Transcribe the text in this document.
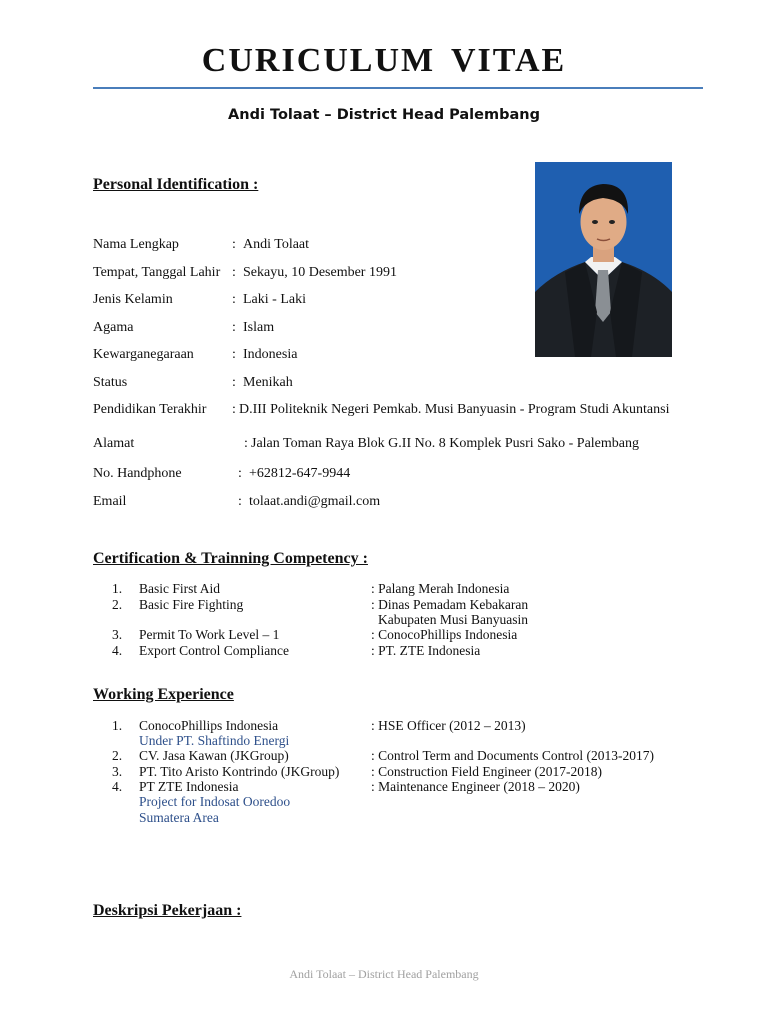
CURICULUM VITAE

Andi Tolaat – District Head Palembang

Personal Identification :
Nama Lengkap	: Andi Tolaat
Tempat, Tanggal Lahir : Sekayu, 10 Desember 1991
Jenis Kelamin	: Laki - Laki
Agama	: Islam
Kewarganegaraan	: Indonesia
Status	: Menikah
Pendidikan Terakhir : D.III Politeknik Negeri Pemkab. Musi Banyuasin - Program Studi Akuntansi
Alamat	: Jalan Toman Raya Blok G.II No. 8 Komplek Pusri Sako - Palembang
No. Handphone	: +62812-647-9944
Email	: tolaat.andi@gmail.com
Certification & Trainning Competency :
1. Basic First Aid	: Palang Merah Indonesia
2. Basic Fire Fighting	: Dinas Pemadam Kebakaran
Kabupaten Musi Banyuasin
3. Permit To Work Level – 1	: ConocoPhillips Indonesia
4. Export Control Compliance	: PT. ZTE Indonesia
Working Experience
1. ConocoPhillips Indonesia	: HSE Officer (2012 – 2013)
Under PT. Shaftindo Energi
2. CV. Jasa Kawan (JKGroup)	: Control Term and Documents Control (2013-2017)
3. PT. Tito Aristo Kontrindo (JKGroup) : Construction Field Engineer (2017-2018)
4. PT ZTE Indonesia	: Maintenance Engineer (2018 – 2020)
Project for Indosat Ooredoo
Sumatera Area
Deskripsi Pekerjaan :

Andi Tolaat – District Head Palembang
